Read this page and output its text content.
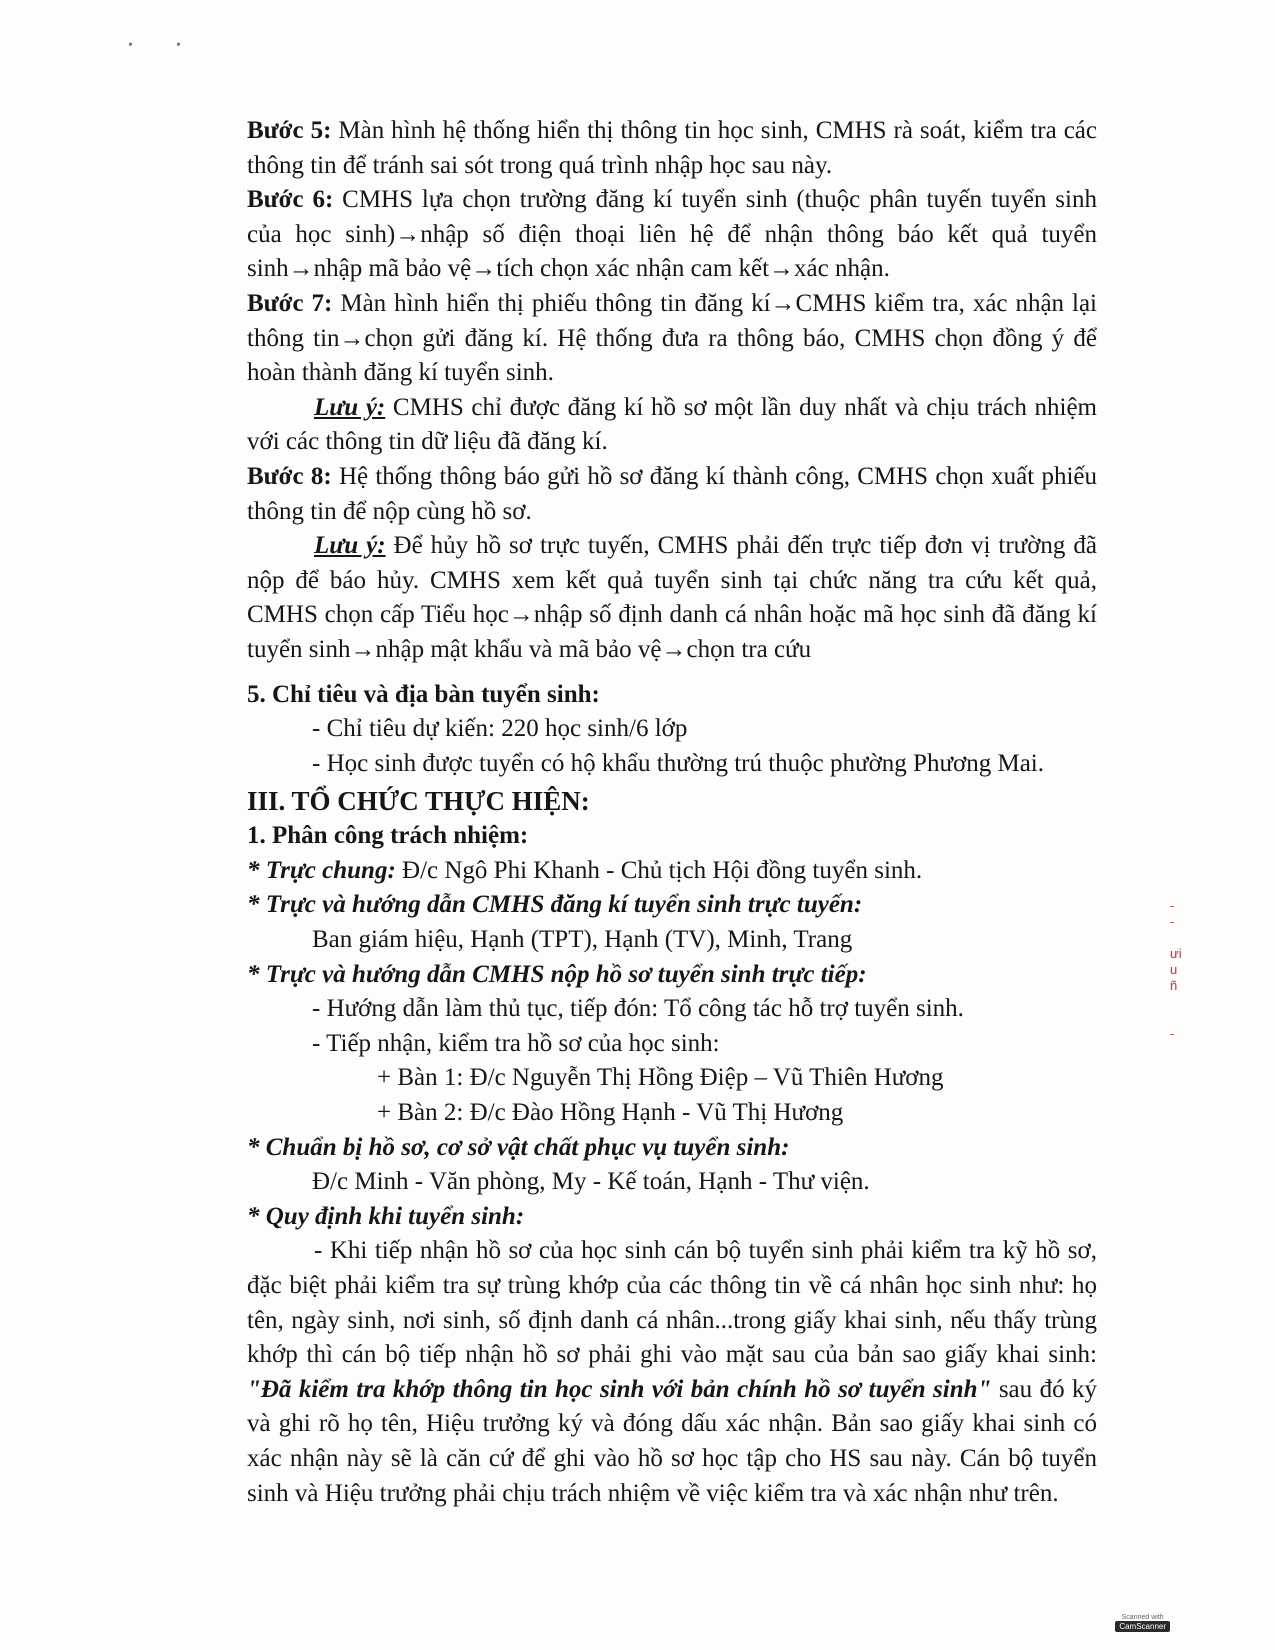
•	•

Bước 5: Màn hình hệ thống hiển thị thông tin học sinh, CMHS rà soát, kiểm tra các thông tin để tránh sai sót trong quá trình nhập học sau này.

Bước 6: CMHS lựa chọn trường đăng kí tuyển sinh (thuộc phân tuyến tuyển sinh của học sinh)→nhập số điện thoại liên hệ để nhận thông báo kết quả tuyển sinh→nhập mã bảo vệ→tích chọn xác nhận cam kết→xác nhận.

Bước 7: Màn hình hiển thị phiếu thông tin đăng kí→CMHS kiểm tra, xác nhận lại thông tin→chọn gửi đăng kí. Hệ thống đưa ra thông báo, CMHS chọn đồng ý để hoàn thành đăng kí tuyển sinh.

Lưu ý: CMHS chỉ được đăng kí hồ sơ một lần duy nhất và chịu trách nhiệm với các thông tin dữ liệu đã đăng kí.

Bước 8: Hệ thống thông báo gửi hồ sơ đăng kí thành công, CMHS chọn xuất phiếu thông tin để nộp cùng hồ sơ.

Lưu ý: Để hủy hồ sơ trực tuyến, CMHS phải đến trực tiếp đơn vị trường đã nộp để báo hủy. CMHS xem kết quả tuyển sinh tại chức năng tra cứu kết quả, CMHS chọn cấp Tiểu học→nhập số định danh cá nhân hoặc mã học sinh đã đăng kí tuyển sinh→nhập mật khẩu và mã bảo vệ→chọn tra cứu

5. Chỉ tiêu và địa bàn tuyển sinh:

- Chỉ tiêu dự kiến: 220 học sinh/6 lớp

- Học sinh được tuyển có hộ khẩu thường trú thuộc phường Phương Mai.

III. TỔ CHỨC THỰC HIỆN:

1. Phân công trách nhiệm:

* Trực chung: Đ/c Ngô Phi Khanh - Chủ tịch Hội đồng tuyển sinh.

* Trực và hướng dẫn CMHS đăng kí tuyển sinh trực tuyến:

Ban giám hiệu, Hạnh (TPT), Hạnh (TV), Minh, Trang

* Trực và hướng dẫn CMHS nộp hồ sơ tuyển sinh trực tiếp:

- Hướng dẫn làm thủ tục, tiếp đón: Tổ công tác hỗ trợ tuyển sinh.

- Tiếp nhận, kiểm tra hồ sơ của học sinh:

+ Bàn 1: Đ/c Nguyễn Thị Hồng Điệp – Vũ Thiên Hương

+ Bàn 2: Đ/c Đào Hồng Hạnh - Vũ Thị Hương

* Chuẩn bị hồ sơ, cơ sở vật chất phục vụ tuyển sinh:

Đ/c Minh - Văn phòng, My - Kế toán, Hạnh - Thư viện.

* Quy định khi tuyển sinh:

- Khi tiếp nhận hồ sơ của học sinh cán bộ tuyển sinh phải kiểm tra kỹ hồ sơ, đặc biệt phải kiểm tra sự trùng khớp của các thông tin về cá nhân học sinh như: họ tên, ngày sinh, nơi sinh, số định danh cá nhân...trong giấy khai sinh, nếu thấy trùng khớp thì cán bộ tiếp nhận hồ sơ phải ghi vào mặt sau của bản sao giấy khai sinh: "Đã kiểm tra khớp thông tin học sinh với bản chính hồ sơ tuyển sinh" sau đó ký và ghi rõ họ tên, Hiệu trưởng ký và đóng dấu xác nhận. Bản sao giấy khai sinh có xác nhận này sẽ là căn cứ để ghi vào hồ sơ học tập cho HS sau này. Cán bộ tuyển sinh và Hiệu trưởng phải chịu trách nhiệm về việc kiểm tra và xác nhận như trên.

-
-

ưi
u
ñ

-
Scanned with
CamScanner
